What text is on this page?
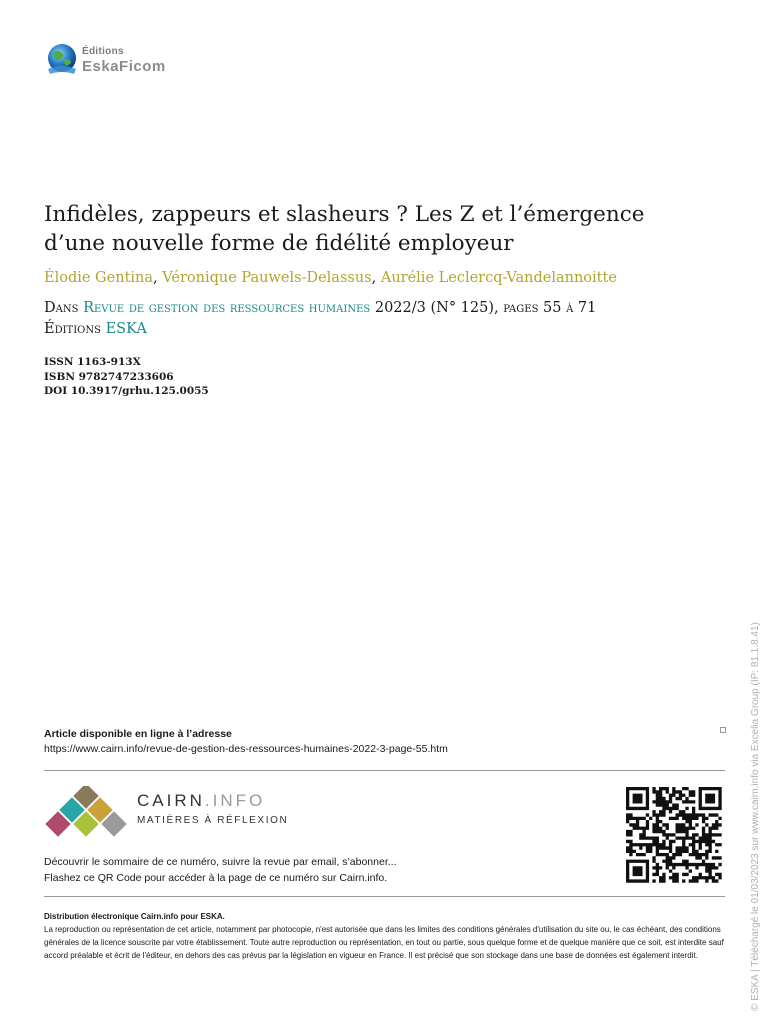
Éditions
EskaFicom
Infidèles, zappeurs et slasheurs ? Les Z et l’émergence
d’une nouvelle forme de fidélité employeur
Élodie Gentina, Véronique Pauwels-Delassus, Aurélie Leclercq-Vandelannoitte
Dans Revue de gestion des ressources humaines 2022/3 (N° 125), pages 55 à 71
Éditions ESKA
ISSN 1163-913X
ISBN 9782747233606
DOI 10.3917/grhu.125.0055
© ESKA | Téléchargé le 01/03/2023 sur www.cairn.info via Excelia Group (IP: 81.1.8.41)
Article disponible en ligne à l’adresse
https://www.cairn.info/revue-de-gestion-des-ressources-humaines-2022-3-page-55.htm
CAIRN.INFO
MATIÈRES À RÉFLEXION
Découvrir le sommaire de ce numéro, suivre la revue par email, s’abonner...
Flashez ce QR Code pour accéder à la page de ce numéro sur Cairn.info.
Distribution électronique Cairn.info pour ESKA.

La reproduction ou représentation de cet article, notamment par photocopie, n'est autorisée que dans les limites des conditions générales d'utilisation du site ou, le cas échéant, des conditions générales de la licence souscrite par votre établissement. Toute autre reproduction ou représentation, en tout ou partie, sous quelque forme et de quelque manière que ce soit, est interdite sauf accord préalable et écrit de l'éditeur, en dehors des cas prévus par la législation en vigueur en France. Il est précisé que son stockage dans une base de données est également interdit.
